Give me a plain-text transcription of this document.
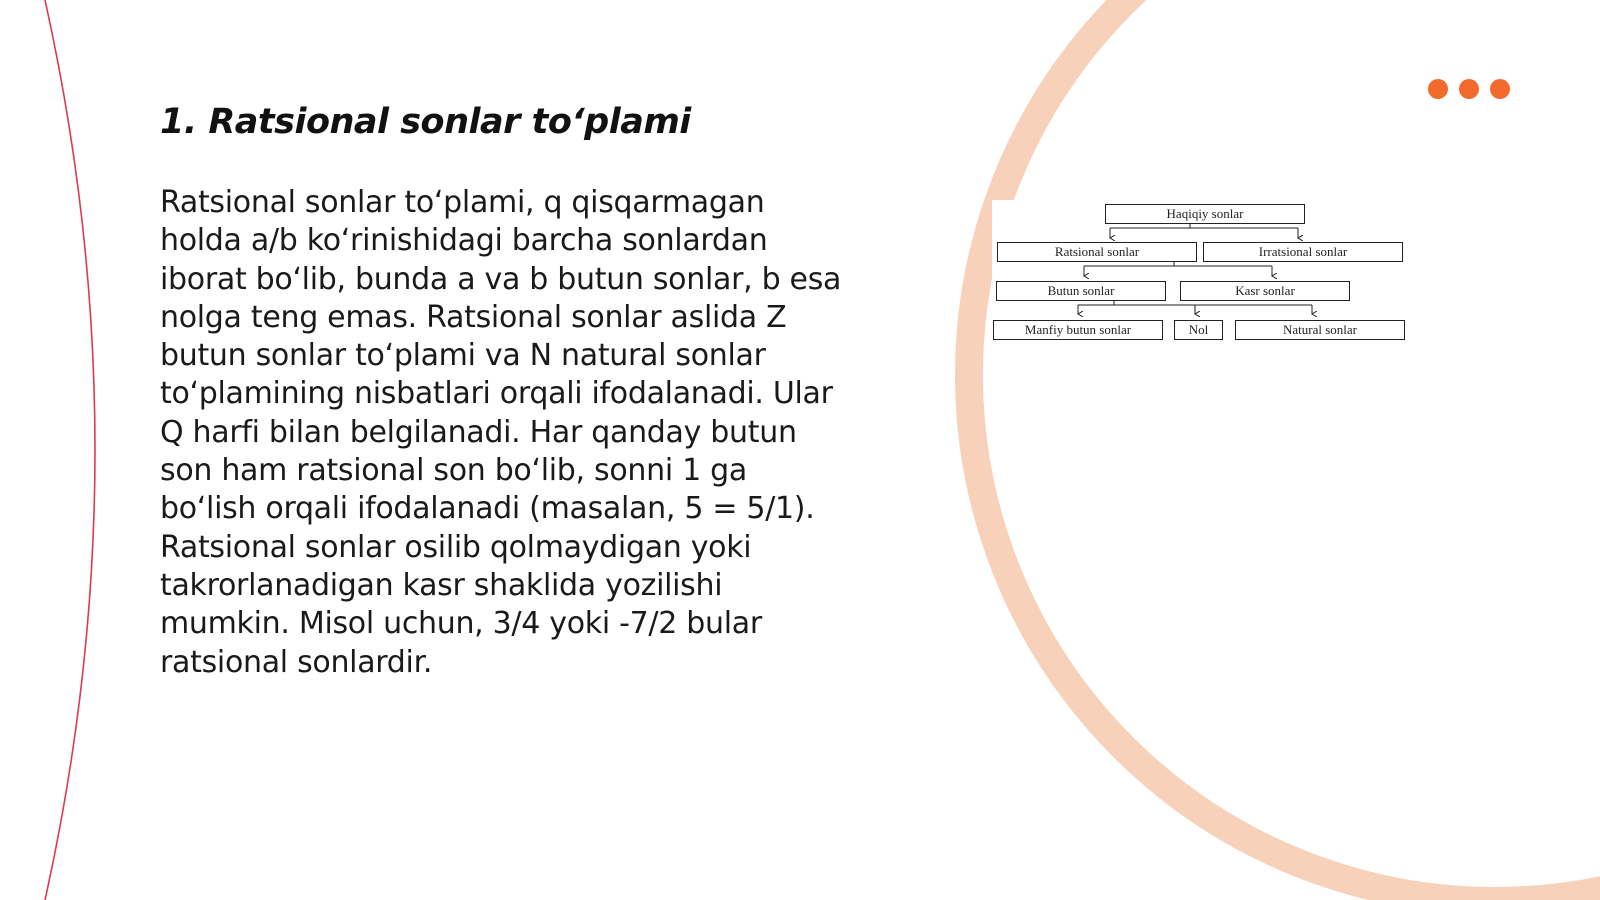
1. Ratsional sonlar to‘plami

Ratsional sonlar to‘plami, q qisqarmagan holda a/b ko‘rinishidagi barcha sonlardan iborat bo‘lib, bunda a va b butun sonlar, b esa nolga teng emas. Ratsional sonlar aslida Z butun sonlar to‘plami va N natural sonlar to‘plamining nisbatlari orqali ifodalanadi. Ular Q harfi bilan belgilanadi. Har qanday butun son ham ratsional son bo‘lib, sonni 1 ga bo‘lish orqali ifodalanadi (masalan, 5 = 5/1). Ratsional sonlar osilib qolmaydigan yoki takrorlanadigan kasr shaklida yozilishi mumkin. Misol uchun, 3/4 yoki -7/2 bular ratsional sonlardir.

Haqiqiy sonlar
Ratsional sonlar	Irratsional sonlar
Butun sonlar	Kasr sonlar
Manfiy butun sonlar	Nol	Natural sonlar
